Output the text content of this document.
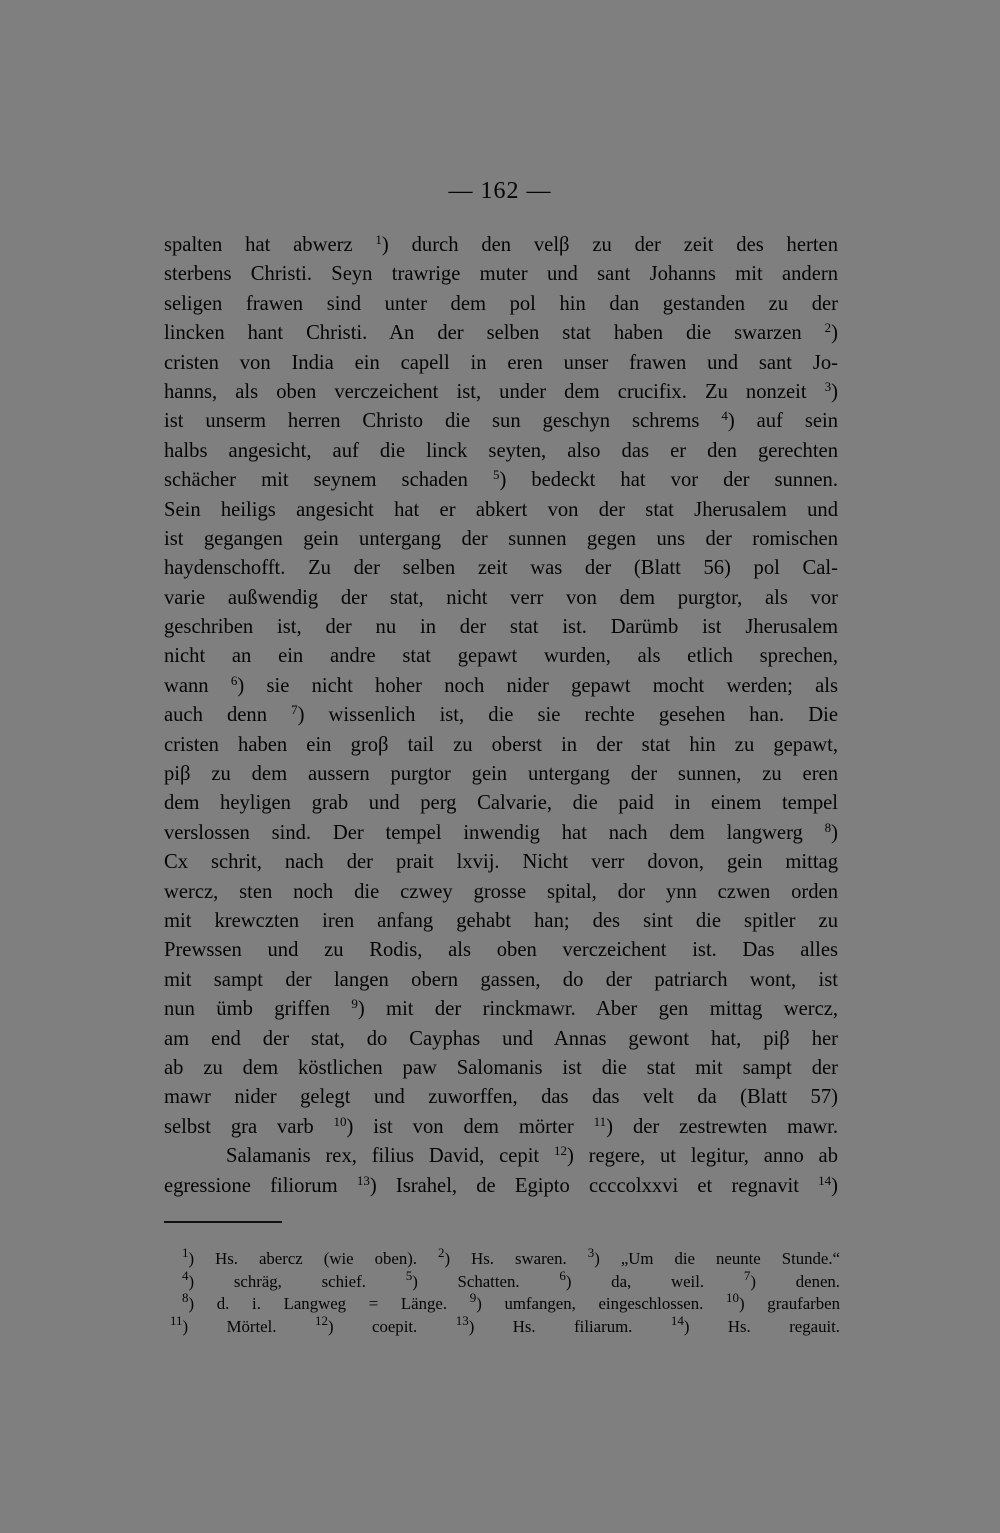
— 162 —
spalten hat abwerz $^1$) durch den velβ zu der zeit des herten
sterbens Christi. Seyn trawrige muter und sant Johanns mit andern
seligen frawen sind unter dem pol hin dan gestanden zu der
lincken hant Christi. An der selben stat haben die swarzen $^2$)
cristen von India ein capell in eren unser frawen und sant Jo-
hanns, als oben verczeichent ist, under dem crucifix. Zu nonzeit $^3$)
ist unserm herren Christo die sun geschyn schrems $^4$) auf sein
halbs angesicht, auf die linck seyten, also das er den gerechten
schächer mit seynem schaden $^5$) bedeckt hat vor der sunnen.
Sein heiligs angesicht hat er abkert von der stat Jherusalem und
ist gegangen gein untergang der sunnen gegen uns der romischen
haydenschofft. Zu der selben zeit was der (Blatt 56) pol Cal-
varie außwendig der stat, nicht verr von dem purgtor, als vor
geschriben ist, der nu in der stat ist. Darümb ist Jherusalem
nicht an ein andre stat gepawt wurden, als etlich sprechen,
wann $^6$) sie nicht hoher noch nider gepawt mocht werden; als
auch denn $^7$) wissenlich ist, die sie rechte gesehen han. Die
cristen haben ein groβ tail zu oberst in der stat hin zu gepawt,
piβ zu dem aussern purgtor gein untergang der sunnen, zu eren
dem heyligen grab und perg Calvarie, die paid in einem tempel
verslossen sind. Der tempel inwendig hat nach dem langwerg $^8$)
Cx schrit, nach der prait lxvij. Nicht verr dovon, gein mittag
wercz, sten noch die czwey grosse spital, dor ynn czwen orden
mit krewczten iren anfang gehabt han; des sint die spitler zu
Prewssen und zu Rodis, als oben verczeichent ist. Das alles
mit sampt der langen obern gassen, do der patriarch wont, ist
nun ümb griffen $^9$) mit der rinckmawr. Aber gen mittag wercz,
am end der stat, do Cayphas und Annas gewont hat, piβ her
ab zu dem köstlichen paw Salomanis ist die stat mit sampt der
mawr nider gelegt und zuworffen, das das velt da (Blatt 57)
selbst gra varb $^{10}$) ist von dem mörter $^{11}$) der zestrewten mawr.
Salamanis rex, filius David, cepit $^{12}$) regere, ut legitur, anno ab
egressione filiorum $^{13}$) Israhel, de Egipto ccccolxxvi et regnavit $^{14}$)
$^1$) Hs. abercz (wie oben). $^2$) Hs. swaren. $^3$) „Um die neunte Stunde.“
$^4$) schräg, schief. $^5$) Schatten. $^6$) da, weil. $^7$) denen.
$^8$) d. i. Langweg = Länge. $^9$) umfangen, eingeschlossen. $^{10}$) graufarben
$^{11}$) Mörtel. $^{12}$) coepit. $^{13}$) Hs. filiarum. $^{14}$) Hs. regauit.
